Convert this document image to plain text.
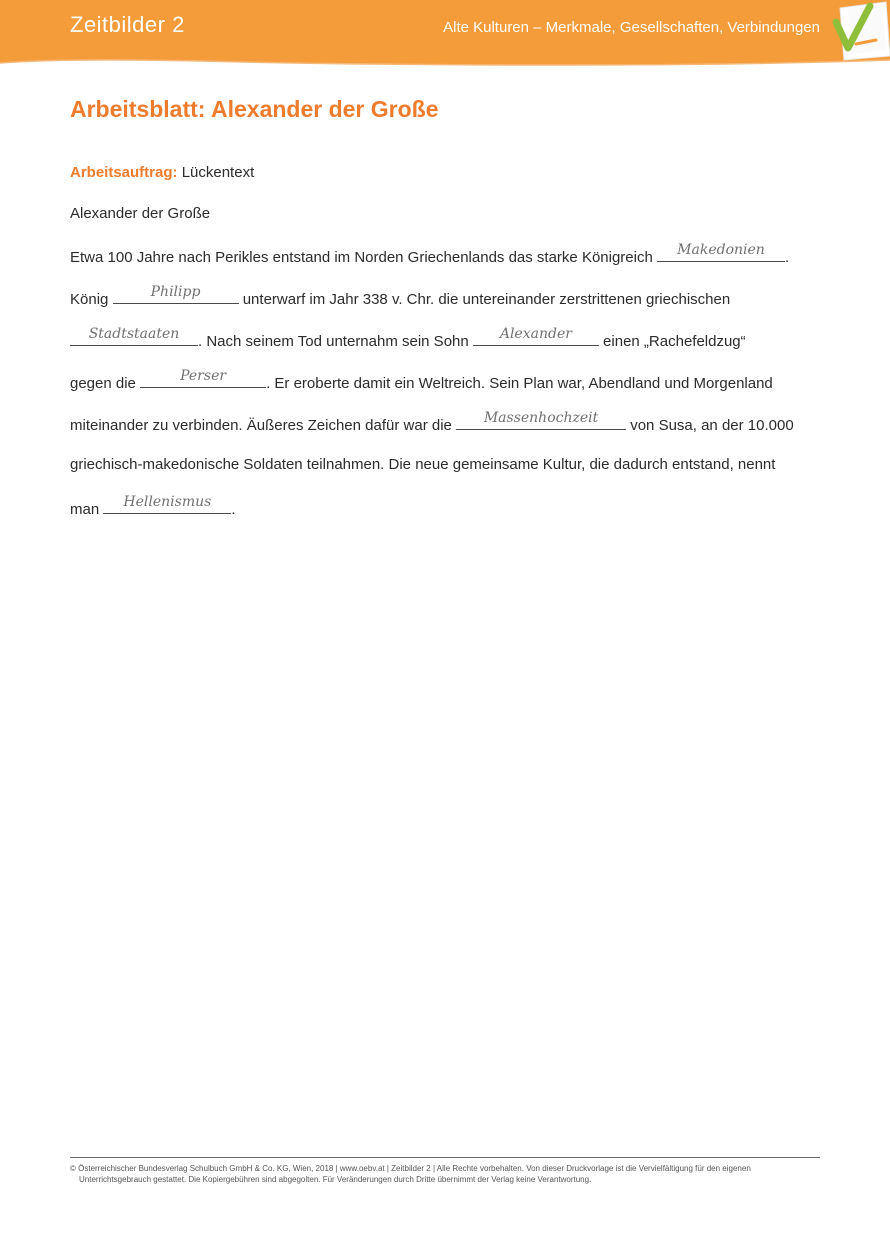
Zeitbilder 2	Alte Kulturen – Merkmale, Gesellschaften, Verbindungen
Arbeitsblatt: Alexander der Große
Arbeitsauftrag: Lückentext
Alexander der Große
Etwa 100 Jahre nach Perikles entstand im Norden Griechenlands das starke Königreich	Makedonien	.
König	Philipp	unterwarf im Jahr 338 v. Chr. die untereinander zerstrittenen griechischen
Stadtstaaten	. Nach seinem Tod unternahm sein Sohn	Alexander	einen „Rachefeldzug“
gegen die	Perser	. Er eroberte damit ein Weltreich. Sein Plan war, Abendland und Morgenland
miteinander zu verbinden. Äußeres Zeichen dafür war die	Massenhochzeit	von Susa, an der 10.000
griechisch-makedonische Soldaten teilnahmen. Die neue gemeinsame Kultur, die dadurch entstand, nennt
man	Hellenismus	.
© Österreichischer Bundesverlag Schulbuch GmbH & Co. KG, Wien, 2018 | www.oebv.at | Zeitbilder 2 | Alle Rechte vorbehalten. Von dieser Druckvorlage ist die Vervielfältigung für den eigenen
Unterrichtsgebrauch gestattet. Die Kopiergebühren sind abgegolten. Für Veränderungen durch Dritte übernimmt der Verlag keine Verantwortung.
